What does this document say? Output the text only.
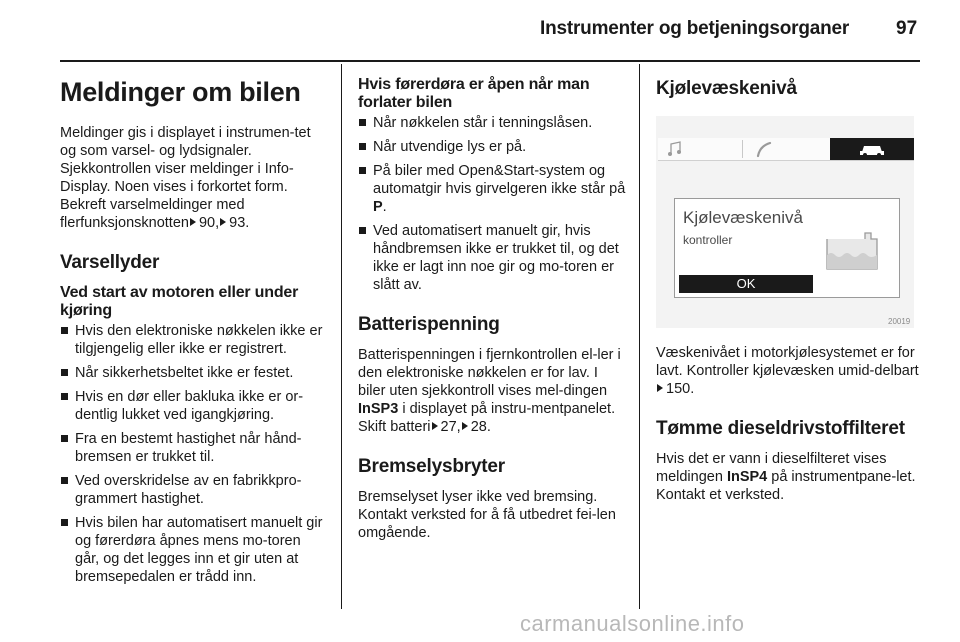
Instrumenter og betjeningsorganer 97
Meldinger om bilen

Meldinger gis i displayet i instrumen-tet og som varsel- og lydsignaler. Sjekkontrollen viser meldinger i Info-Display. Noen vises i forkortet form. Bekreft varselmeldinger med flerfunksjonsknotten 90, 93.

Varsellyder
Ved start av motoren eller under kjøring
Hvis den elektroniske nøkkelen ikke er tilgjengelig eller ikke er registrert.
Når sikkerhetsbeltet ikke er festet.
Hvis en dør eller bakluka ikke er or-dentlig lukket ved igangkjøring.
Fra en bestemt hastighet når hånd-bremsen er trukket til.
Ved overskridelse av en fabrikkpro-grammert hastighet.
Hvis bilen har automatisert manuelt gir og førerdøra åpnes mens mo-toren går, og det legges inn et gir uten at bremsepedalen er trådd inn.
Hvis førerdøra er åpen når man forlater bilen
Når nøkkelen står i tenningslåsen.
Når utvendige lys er på.
På biler med Open&Start-system og automatgir hvis girvelgeren ikke står på P.
Ved automatisert manuelt gir, hvis håndbremsen ikke er trukket til, og det ikke er lagt inn noe gir og mo-toren er slått av.
Batterispenning

Batterispenningen i fjernkontrollen el-ler i den elektroniske nøkkelen er for lav. I biler uten sjekkontroll vises mel-dingen InSP3 i displayet på instru-mentpanelet. Skift batteri 27, 28.

Bremselysbryter

Bremselyset lyser ikke ved bremsing. Kontakt verksted for å få utbedret fei-len omgående.

Kjølevæskenivå
Kjølevæskenivå
kontroller
OK
20019

Væskenivået i motorkjølesystemet er for lavt. Kontroller kjølevæsken umid-delbart150.

Tømme dieseldrivstoffilteret

Hvis det er vann i dieselfilteret vises meldingen InSP4 på instrumentpane-let. Kontakt et verksted.

carmanualsonline.info
